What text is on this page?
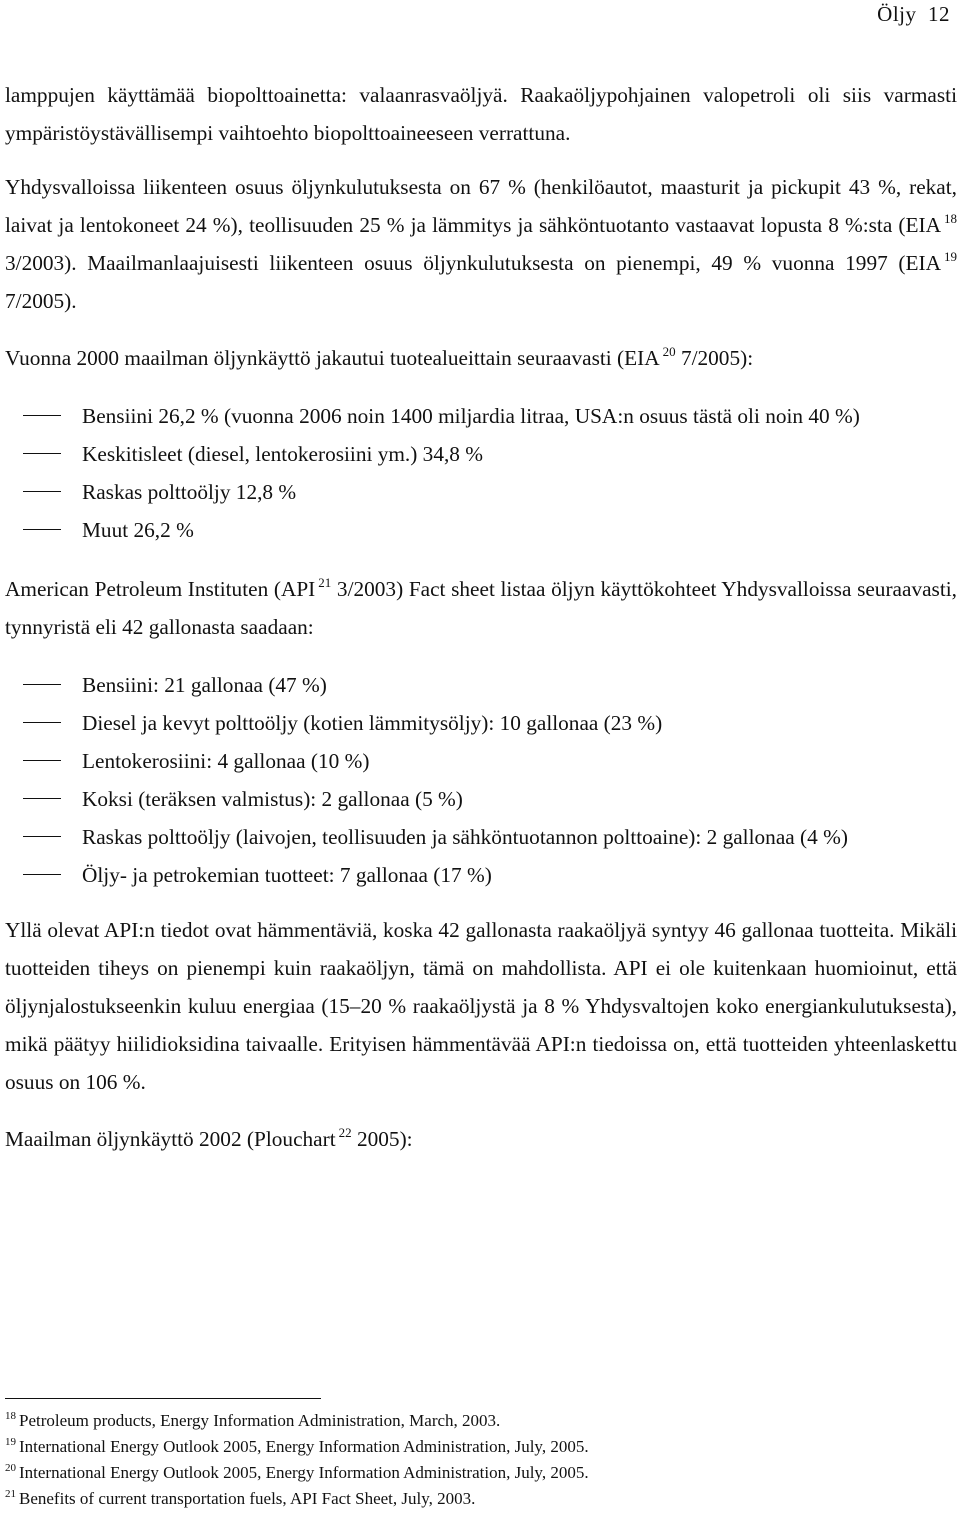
Öljy  12

lamppujen käyttämää biopolttoainetta: valaanrasvaöljyä. Raakaöljypohjainen valopetroli oli siis varmasti ympäristöystävällisempi vaihtoehto biopolttoaineeseen verrattuna.

Yhdysvalloissa liikenteen osuus öljynkulutuksesta on 67 % (henkilöautot, maasturit ja pickupit 43 %, rekat, laivat ja lentokoneet 24 %), teollisuuden 25 % ja lämmitys ja sähköntuotanto vastaavat lopusta 8 %:sta (EIA $^{18}$ 3/2003). Maailmanlaajuisesti liikenteen osuus öljynkulutuksesta on pienempi, 49 % vuonna 1997 (EIA $^{19}$ 7/2005).

Vuonna 2000 maailman öljynkäyttö jakautui tuotealueittain seuraavasti (EIA $^{20}$ 7/2005):

Bensiini 26,2 % (vuonna 2006 noin 1400 miljardia litraa, USA:n osuus tästä oli noin 40 %)
Keskitisleet (diesel, lentokerosiini ym.) 34,8 %
Raskas polttoöljy 12,8 %
Muut 26,2 %

American Petroleum Instituten (API $^{21}$ 3/2003) Fact sheet listaa öljyn käyttökohteet Yhdysvalloissa seuraavasti, tynnyristä eli 42 gallonasta saadaan:

Bensiini: 21 gallonaa (47 %)
Diesel ja kevyt polttoöljy (kotien lämmitysöljy): 10 gallonaa (23 %)
Lentokerosiini: 4 gallonaa (10 %)
Koksi (teräksen valmistus): 2 gallonaa (5 %)
Raskas polttoöljy (laivojen, teollisuuden ja sähköntuotannon polttoaine): 2 gallonaa (4 %)
Öljy- ja petrokemian tuotteet: 7 gallonaa (17 %)

Yllä olevat API:n tiedot ovat hämmentäviä, koska 42 gallonasta raakaöljyä syntyy 46 gallonaa tuotteita. Mikäli tuotteiden tiheys on pienempi kuin raakaöljyn, tämä on mahdollista. API ei ole kuitenkaan huomioinut, että öljynjalostukseenkin kuluu energiaa (15–20 % raakaöljystä ja 8 % Yhdysvaltojen koko energiankulutuksesta), mikä päätyy hiilidioksidina taivaalle. Erityisen hämmentävää API:n tiedoissa on, että tuotteiden yhteenlaskettu osuus on 106 %.

Maailman öljynkäyttö 2002 (Plouchart $^{22}$ 2005):

$^{18}$ Petroleum products, Energy Information Administration, March, 2003.
$^{19}$ International Energy Outlook 2005, Energy Information Administration, July, 2005.
$^{20}$ International Energy Outlook 2005, Energy Information Administration, July, 2005.
$^{21}$ Benefits of current transportation fuels, API Fact Sheet, July, 2003.
